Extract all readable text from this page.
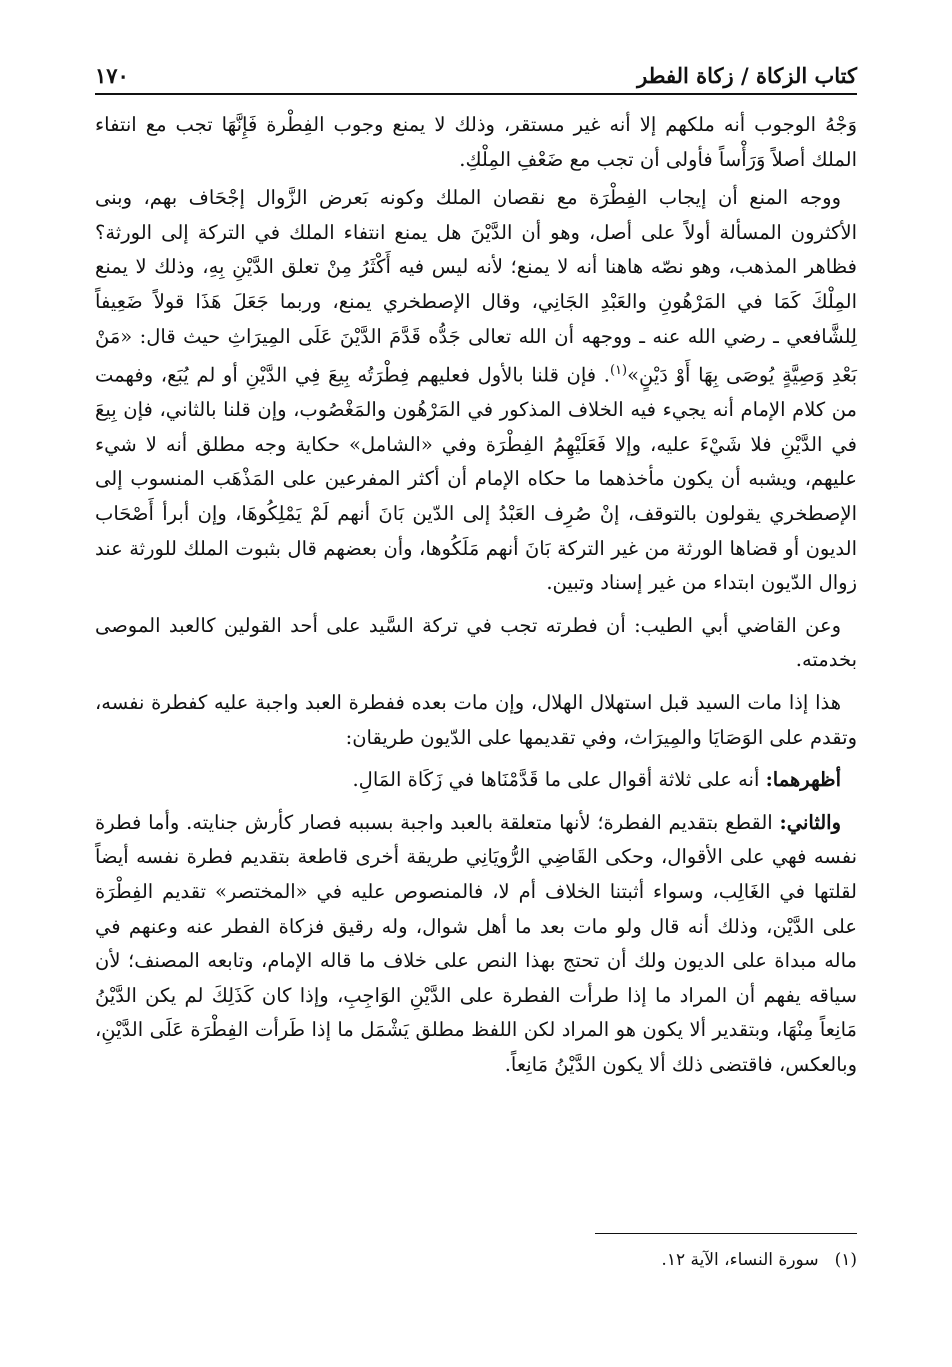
كتاب الزكاة / زكاة الفطر
١٧٠

وَجْهُ الوجوب أنه ملكهم إلا أنه غير مستقر، وذلك لا يمنع وجوب الفِطْرة فَإِنَّهَا تجب مع انتفاء الملك أصلاً وَرَأْساً فأولى أن تجب مع ضَعْفِ المِلْكِ.

ووجه المنع أن إيجاب الفِطْرَة مع نقصان الملك وكونه بَعرض الزَّوال إجْحَاف بهم، وبنى الأكثرون المسألة أولاً على أصل، وهو أن الدَّيْنَ هل يمنع انتفاء الملك في التركة إلى الورثة؟ فظاهر المذهب، وهو نصّه هاهنا أنه لا يمنع؛ لأنه ليس فيه أَكْثَرُ مِنْ تعلق الدَّيْنِ بِهِ، وذلك لا يمنع المِلْكَ كَمَا في المَرْهُونِ والعَبْدِ الجَانِي، وقال الإصطخري يمنع، وربما جَعَلَ هَذَا قولاً ضَعِيفاً لِلشَّافعي ـ رضي الله عنه ـ ووجهه أن الله تعالى جَدُّه قَدَّمَ الدَّيْنَ عَلَى المِيرَاثِ حيث قال: «مَنْ بَعْدِ وَصِيَّةٍ يُوصَى بِهَا أَوْ دَيْنٍ»$^{(١)}$. فإن قلنا بالأول فعليهم فِطْرَتُه بِيعَ فِي الدَّيْنِ أو لم يُبَع، وفهمت من كلام الإمام أنه يجيء فيه الخلاف المذكور في المَرْهُون والمَغْصُوب، وإن قلنا بالثاني، فإن بِيعَ في الدَّيْنِ فلا شَيْءَ عليه، وإلا فَعَلَيْهِمُ الفِطْرَة وفي «الشامل» حكاية وجه مطلق أنه لا شيء عليهم، ويشبه أن يكون مأخذهما ما حكاه الإمام أن أكثر المفرعين على المَذْهَب المنسوب إلى الإصطخري يقولون بالتوقف، إنْ صُرِف العَبْدُ إلى الدّين بَانَ أنهم لَمْ يَمْلِكُوهَا، وإن أبرأ أَصْحَاب الديون أو قضاها الورثة من غير التركة بَانَ أنهم مَلَكُوها، وأن بعضهم قال بثبوت الملك للورثة عند زوال الدّيون ابتداء من غير إسناد وتبين.

وعن القاضي أبي الطيب: أن فطرته تجب في تركة السَّيد على أحد القولين كالعبد الموصى بخدمته.

هذا إذا مات السيد قبل استهلال الهلال، وإن مات بعده ففطرة العبد واجبة عليه كفطرة نفسه، وتقدم على الوَصَايَا والمِيرَاث، وفي تقديمها على الدّيون طريقان:

أظهرهما: أنه على ثلاثة أقوال على ما قَدَّمْنَاها في زَكَاة المَالِ.

والثاني: القطع بتقديم الفطرة؛ لأنها متعلقة بالعبد واجبة بسببه فصار كأرش جنايته. وأما فطرة نفسه فهي على الأقوال، وحكى القَاضِي الرُّويَانِي طريقة أخرى قاطعة بتقديم فطرة نفسه أيضاً لقلتها في الغَالِب، وسواء أثبتنا الخلاف أم لا، فالمنصوص عليه في «المختصر» تقديم الفِطْرَة على الدَّيْن، وذلك أنه قال ولو مات بعد ما أهل شوال، وله رقيق فزكاة الفطر عنه وعنهم في ماله مبداة على الديون ولك أن تحتج بهذا النص على خلاف ما قاله الإمام، وتابعه المصنف؛ لأن سياقه يفهم أن المراد ما إذا طرأت الفطرة على الدَّيْنِ الوَاجِبِ، وإذا كان كَذَلِكَ لم يكن الدَّيْنُ مَانِعاً مِنْهَا، وبتقدير ألا يكون هو المراد لكن اللفظ مطلق يَشْمَل ما إذا طَرأت الفِطْرَة عَلَى الدَّيْنِ، وبالعكس، فاقتضى ذلك ألا يكون الدَّيْنُ مَانِعاً.

(١)
سورة النساء، الآية ١٢.
